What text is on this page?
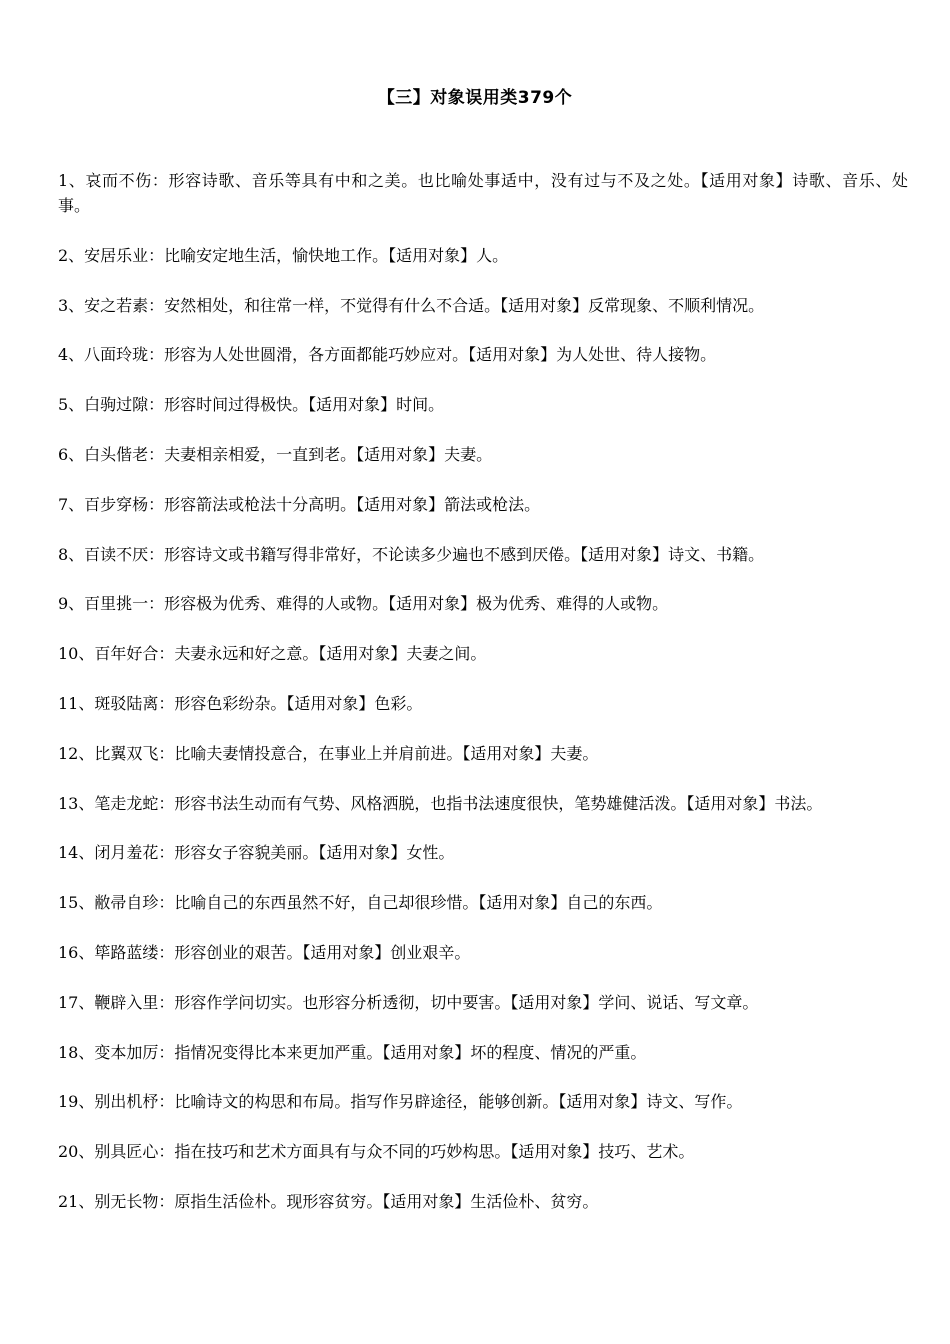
【三】对象误用类379个
1、哀而不伤：形容诗歌、音乐等具有中和之美。也比喻处事适中，没有过与不及之处。【适用对象】诗歌、音乐、处事。
2、安居乐业：比喻安定地生活，愉快地工作。【适用对象】人。
3、安之若素：安然相处，和往常一样，不觉得有什么不合适。【适用对象】反常现象、不顺利情况。
4、八面玲珑：形容为人处世圆滑，各方面都能巧妙应对。【适用对象】为人处世、待人接物。
5、白驹过隙：形容时间过得极快。【适用对象】时间。
6、白头偕老：夫妻相亲相爱，一直到老。【适用对象】夫妻。
7、百步穿杨：形容箭法或枪法十分高明。【适用对象】箭法或枪法。
8、百读不厌：形容诗文或书籍写得非常好，不论读多少遍也不感到厌倦。【适用对象】诗文、书籍。
9、百里挑一：形容极为优秀、难得的人或物。【适用对象】极为优秀、难得的人或物。
10、百年好合：夫妻永远和好之意。【适用对象】夫妻之间。
11、斑驳陆离：形容色彩纷杂。【适用对象】色彩。
12、比翼双飞：比喻夫妻情投意合，在事业上并肩前进。【适用对象】夫妻。
13、笔走龙蛇：形容书法生动而有气势、风格洒脱，也指书法速度很快，笔势雄健活泼。【适用对象】书法。
14、闭月羞花：形容女子容貌美丽。【适用对象】女性。
15、敝帚自珍：比喻自己的东西虽然不好，自己却很珍惜。【适用对象】自己的东西。
16、筚路蓝缕：形容创业的艰苦。【适用对象】创业艰辛。
17、鞭辟入里：形容作学问切实。也形容分析透彻，切中要害。【适用对象】学问、说话、写文章。
18、变本加厉：指情况变得比本来更加严重。【适用对象】坏的程度、情况的严重。
19、别出机杼：比喻诗文的构思和布局。指写作另辟途径，能够创新。【适用对象】诗文、写作。
20、别具匠心：指在技巧和艺术方面具有与众不同的巧妙构思。【适用对象】技巧、艺术。
21、别无长物：原指生活俭朴。现形容贫穷。【适用对象】生活俭朴、贫穷。
